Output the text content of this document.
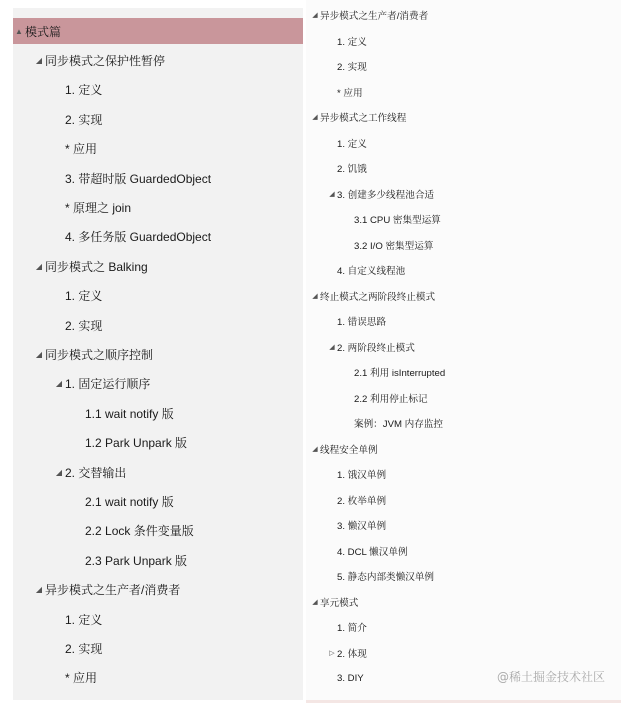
▲ 模式篇
◢ 同步模式之保护性暂停
1. 定义
2. 实现
* 应用
3. 带超时版 GuardedObject
* 原理之 join
4. 多任务版 GuardedObject
◢ 同步模式之 Balking
1. 定义
2. 实现
◢ 同步模式之顺序控制
◢ 1. 固定运行顺序
1.1 wait notify 版
1.2 Park Unpark 版
◢ 2. 交替输出
2.1 wait notify 版
2.2 Lock 条件变量版
2.3 Park Unpark 版
◢ 异步模式之生产者/消费者
1. 定义
2. 实现
* 应用
◢ 异步模式之生产者/消费者
1. 定义
2. 实现
* 应用
◢ 异步模式之工作线程
1. 定义
2. 饥饿
◢ 3. 创建多少线程池合适
3.1 CPU 密集型运算
3.2 I/O 密集型运算
4. 自定义线程池
◢ 终止模式之两阶段终止模式
1. 错误思路
◢ 2. 两阶段终止模式
2.1 利用 isInterrupted
2.2 利用停止标记
案例：JVM 内存监控
◢ 线程安全单例
1. 饿汉单例
2. 枚举单例
3. 懒汉单例
4. DCL 懒汉单例
5. 静态内部类懒汉单例
◢ 享元模式
1. 简介
▷ 2. 体现
3. DIY	@稀土掘金技术社区
